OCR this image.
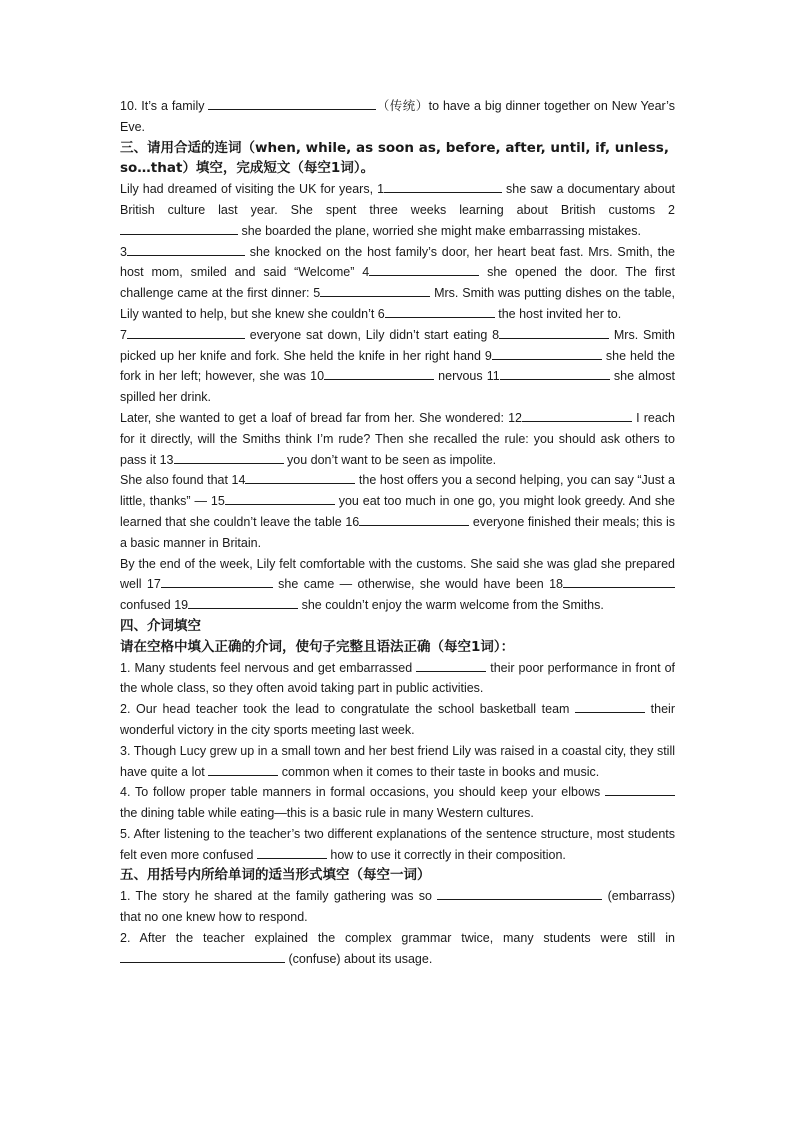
10. It’s a family	（传统）to have a big dinner together on New Year’s Eve.

三、请用合适的连词（when, while, as soon as, before, after, until, if, unless, so…that）填空，完成短文（每空1词）。

Lily had dreamed of visiting the UK for years, 1	she saw a documentary about British culture last year. She spent three weeks learning about British customs 2 she boarded the plane, worried she might make embarrassing mistakes.

3	she knocked on the host family’s door, her heart beat fast. Mrs. Smith, the host mom, smiled and said “Welcome” 4	she opened the door. The first challenge came at the first dinner: 5	Mrs. Smith was putting dishes on the table, Lily wanted to help, but she knew she couldn’t 6	the host invited her to.

7	everyone sat down, Lily didn’t start eating 8	Mrs. Smith picked up her knife and fork. She held the knife in her right hand 9	she held the fork in her left; however, she was 10	nervous 11	she almost spilled her drink.

Later, she wanted to get a loaf of bread far from her. She wondered: 12	I reach for it directly, will the Smiths think I’m rude? Then she recalled the rule: you should ask others to pass it 13	you don’t want to be seen as impolite.

She also found that 14	the host offers you a second helping, you can say “Just a little, thanks” — 15	you eat too much in one go, you might look greedy. And she learned that she couldn’t leave the table 16	everyone finished their meals; this is a basic manner in Britain.

By the end of the week, Lily felt comfortable with the customs. She said she was glad she prepared well 17	she came — otherwise, she would have been 18 confused 19	she couldn’t enjoy the warm welcome from the Smiths.

四、介词填空

请在空格中填入正确的介词，使句子完整且语法正确（每空1词）：

1. Many students feel nervous and get embarrassed	their poor performance in front of the whole class, so they often avoid taking part in public activities.

2. Our head teacher took the lead to congratulate the school basketball team	their wonderful victory in the city sports meeting last week.

3. Though Lucy grew up in a small town and her best friend Lily was raised in a coastal city, they still have quite a lot	common when it comes to their taste in books and music.

4. To follow proper table manners in formal occasions, you should keep your elbows  the dining table while eating—this is a basic rule in many Western cultures.

5. After listening to the teacher’s two different explanations of the sentence structure, most students felt even more confused	how to use it correctly in their composition.

五、用括号内所给单词的适当形式填空（每空一词）

1. The story he shared at the family gathering was so	(embarrass) that no one knew how to respond.

2. After the teacher explained the complex grammar twice, many students were still in  (confuse) about its usage.
